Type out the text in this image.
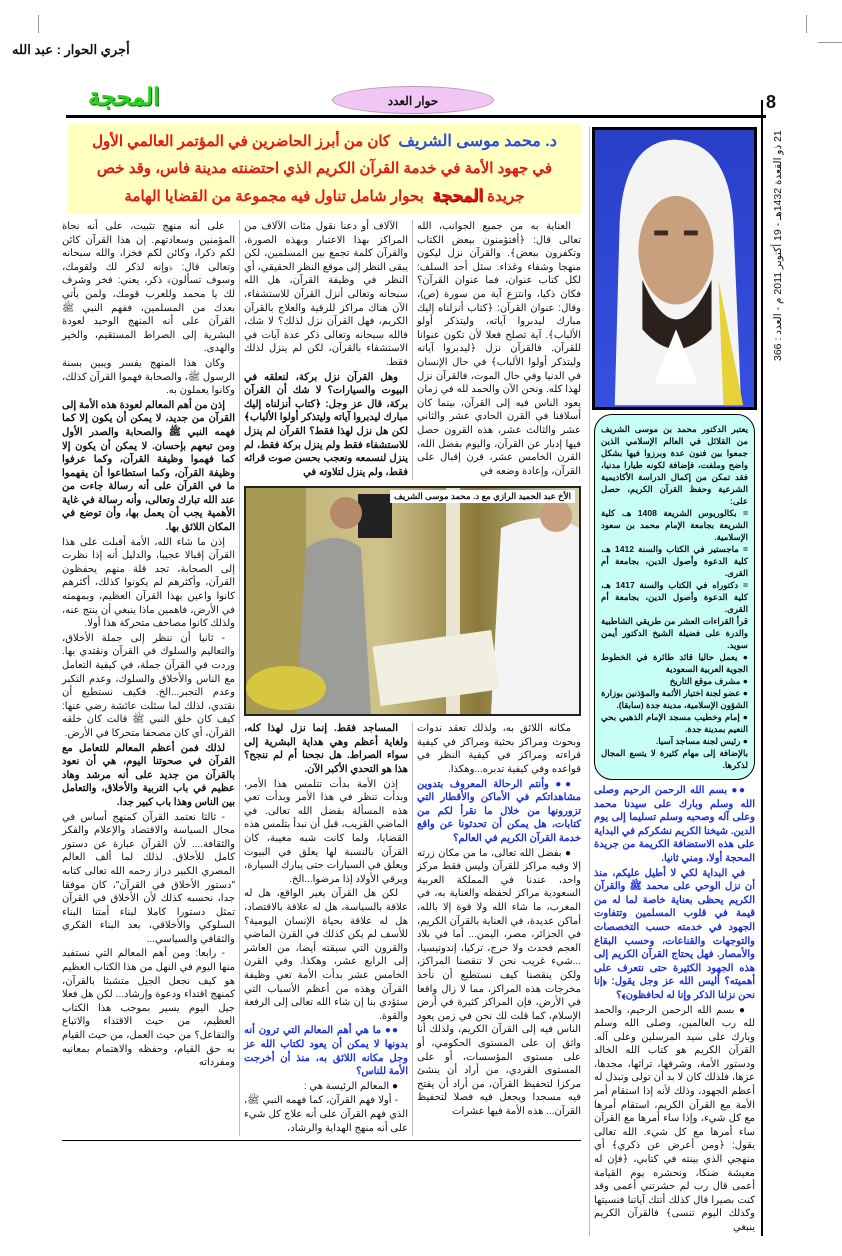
أجري الحوار : عبد الله
المحجة	حوار العدد	8
21 ذو القعدة 1432هـ - 19 أكتوبر 2011 م - العدد : 366
د. محمد موسى الشريف  كان من أبرز الحاضرين في المؤتمر العالمي الأول
في جهود الأمة في خدمة القرآن الكريم الذي احتضنته مدينة فاس، وقد خص
جريدة المحجة  بحوار شامل تناول فيه مجموعة من القضايا الهامة

على أنه منهج تثبيت، على أنه نجاة المؤمنين وسعادتهم. إن هذا القرآن كائن لكم ذكرا، وكائن لكم فخرا، والله سبحانه وتعالى قال: ﴿وإنه لذكر لك ولقومك، وسوف تسألون﴾ ذكر، يعني: فخر وشرف لك يا محمد وللعرب قومك، ولمن يأتي بعدك من المسلمين، ففهم النبي ﷺ القرآن على أنه المنهج الوحيد لعودة البشرية إلى الصراط المستقيم، والخير والهدى.

وكان هذا المنهج يفسر ويبين بسنة الرسول ﷺ، والصحابة فهموا القرآن كذلك، وكانوا يعملون به.

إذن من أهم المعالم لعودة هذه الأمة إلى القرآن من جديد، لا يمكن أن يكون إلا كما فهمه النبي ﷺ والصحابة والصدر الأول ومن تبعهم بإحسان. لا يمكن أن يكون إلا كما فهموا وظيفة القرآن، وكما عرفوا وظيفة القرآن، وكما استطاعوا أن يفهموا ما في القرآن على أنه رسالة جاءت من عند الله تبارك وتعالى، وأنه رسالة في غاية الأهمية يجب أن يعمل بها، وأن توضع في المكان اللائق بها.

إذن ما شاء الله، الأمة أقبلت على هذا القرآن إقبالا عجيبا، والدليل أنه إذا نظرت إلى الصحابة، تجد قلة منهم يحفظون القرآن، وأكثرهم لم يكونوا كذلك، أكثرهم كانوا واعين بهذا القرآن العظيم، وبمهمته في الأرض، فاهمين ماذا ينبغي أن ينتج عنه، ولذلك كانوا مصاحف متحركة هذا أولا.

- ثانيا أن ننظر إلى جملة الأخلاق، والتعاليم والسلوك في القرآن ونقتدي بها. وردت في القرآن جملة، في كيفية التعامل مع الناس والأخلاق والسلوك، وعدم التكبر وعدم التجبر...الخ. فكيف نستطيع أن نقتدي، لذلك لما سئلت عائشة رضي عنها: كيف كان خلق النبي ﷺ قالت كان خلقه القرآن، أي كان مصحفا متحركا في الأرض.

لذلك فمن أعظم المعالم للتعامل مع القرآن في صحوتنا اليوم، هي أن نعود بالقرآن من جديد على أنه مرشد وهاد عظيم في باب التربية والأخلاق، والتعامل بين الناس وهذا باب كبير جدا.

- ثالثا نعتمد القرآن كمنهج أساس في مجال السياسة والاقتصاد والإعلام والفكر والثقافة.... لأن القرآن عبارة عن دستور كامل للأخلاق. لذلك لما ألف العالم المصري الكبير دراز رحمه الله تعالى كتابه "دستور الأخلاق في القرآن"، كان موفقا جدا، نحسبه كذلك لأن الأخلاق في القرآن تمثل دستورا كاملا لبناء أمتنا البناء السلوكي والأخلاقي، بعد البناء الفكري والثقافي والسياسي...

- رابعا: ومن أهم المعالم التي نستفيد منها اليوم في النهل من هذا الكتاب العظيم هو كيف نجعل الجيل متشبثا بالقرآن، كمنهج اقتداء ودعوة وإرشاد... لكن هل فعلا جيل اليوم يسير بموجب هذا الكتاب العظيم، من حيث الاقتداء والاتباع والتفاعل؟ من حيث العمل، من حيث القيام به حق القيام، وحفظه والاهتمام بمعانيه ومفرداته

العناية به من جميع الجوانب، الله تعالى قال: ﴿أفتؤمنون ببعض الكتاب وتكفرون ببعض﴾. والقرآن نزل ليكون منهجا وشفاء وغذاء. سئل أحد السلف: لكل كتاب عنوان، فما عنوان القرآن؟ فكان ذكيا، وانتزع آية من سورة (ص)، وقال: عنوان القرآن: ﴿كتاب أنزلناه إليك مبارك ليدبروا آياته، وليتذكر أولو الألباب﴾. آية تصلح فعلا لأن تكون عنوانا للقرآن. فالقرآن نزل ﴿ليدبروا آياته وليتذكر أولوا الألباب﴾ في حال الإنسان في الدنيا وفي حال الموت، فالقرآن نزل لهذا كله. ونحن الآن والحمد لله في زمان يعود الناس فيه إلى القرآن، بينما كان أسلافنا في القرن الحادي عشر والثاني عشر والثالث عشر، هذه القرون حصل فيها إدبار عن القرآن، واليوم بفضل الله، القرن الخامس عشر، قرن إقبال على القرآن، وإعادة وضعه في

الآلاف أو دعنا نقول مئات الآلاف من المراكز بهذا الاعتبار وبهذه الصورة، والقرآن كلمة تجمع بين المسلمين، لكن يبقى النظر إلى موقع النظر الحقيقي، أي النظر في وظيفة القرآن، هل الله سبحانه وتعالى أنزل القرآن للاستشفاء، الآن هناك مراكز للرقية والعلاج بالقرآن الكريم، فهل القرآن نزل لذلك؟ لا شك، فالله سبحانه وتعالى ذكر عدة آيات في الاستشفاء بالقرآن، لكن لم ينزل لذلك فقط.

وهل القرآن نزل بركة، لنعلقه في البيوت والسيارات؟ لا شك أن القرآن بركة، قال عز وجل: ﴿كتاب أنزلناه إليك مبارك ليدبروا آياته وليتذكر أولوا الألباب﴾ لكن هل نزل لهذا فقط؟ القرآن لم ينزل للاستشفاء فقط ولم ينزل بركة فقط، لم ينزل لنسمعه ونعجب بحسن صوت قرائه فقط، ولم ينزل لتلاوته في

الأخ عبد الحميد الرازي مع د. محمد موسى الشريف

مكانه اللائق به، ولذلك تعقد ندوات وبحوث ومراكز بحثية ومراكز في كيفية قراءته ومراكز في كيفية النظر في قواعده وفي كيفية تدبره...وهكذا.

●● وأنتم الرحالة المعروف بتدوين مشاهداتكم في الأماكن والأقطار التي تزورونها من خلال ما نقرأ لكم من كتابات، هل يمكن أن تحدثونا عن واقع خدمة القرآن الكريم في العالم؟

● بفضل الله تعالى، ما من مكان زرته إلا وفيه مراكز للقرآن وليس فقط مركز واحد، عندنا في المملكة العربية السعودية مراكز لحفظه والعناية به، في المغرب، ما شاء الله ولا قوة إلا بالله، أماكن عديدة، في العناية بالقرآن الكريم، في الجزائر، مصر، اليمن... أما في بلاد العجم فحدث ولا حرج، تركيا، إندونيسيا، ...شيء غريب نحن لا تنقصنا المراكز، ولكن ينقصنا كيف نستطيع أن نأخذ مخرجات هذه المراكز، مما لا زال واقعا في الأرض، فإن المراكز كثيرة في أرض الإسلام، كما قلت لك نحن في زمن يعود الناس فيه إلى القرآن الكريم، ولذلك أنا واثق إن على المستوى الحكومي، أو على مستوى المؤسسات، أو على المستوى الفردي، من أراد أن ينشئ مركزا لتحفيظ القرآن، من أراد أن يفتح فيه مسجدا ويجعل فيه فصلا لتحفيظ القرآن... هذه الأمة فيها عشرات

المساجد فقط. إنما نزل لهذا كله، ولغاية أعظم وهي هداية البشرية إلى سواء الصراط. هل نجحنا أم لم ننجح؟ هذا هو التحدي الأكبر الآن.

إذن الأمة بدأت تتلمس هذا الأمر، وبدأت تنظر في هذا الأمر وبدأت تعي هذه المسألة بفضل الله تعالى. في الماضي القريب، قبل أن نبدأ بتلمس هذه القضايا، ولما كانت شبه مغيبة، كان القرآن بالنسبة لها يعلق في البيوت ويعلق في السيارات حتى يبارك السيارة، ويرقي الأولاد إذا مرضوا...الخ.

لكن هل القرآن يغير الواقع، هل له علاقة بالسياسة، هل له علاقة بالاقتصاد، هل له علاقة بحياة الإنسان اليومية؟ للأسف لم يكن كذلك في القرن الماضي والقرون التي سبقته أيضا، من العاشر إلى الرابع عشر، وهكذا. وفي القرن الخامس عشر بدأت الأمة تعي وظيفة القرآن وهذه من أعظم الأسباب التي ستؤدي بنا إن شاء الله تعالى إلى الرفعة والقوة.

●● ما هي أهم المعالم التي ترون أنه بدونها لا يمكن أن يعود لكتاب الله عز وجل مكانه اللائق به، منذ أن أخرجت الأمة للناس؟

● المعالم الرئيسة هي :

- أولا فهم القرآن، كما فهمه النبي ﷺ، الذي فهم القرآن على أنه علاج كل شيء على أنه منهج الهداية والرشاد،

يعتبر الدكتور محمد بن موسى الشريف من القلائل في العالم الإسلامي الذين جمعوا بين فنون عدة وبرزوا فيها بشكل واضح وملفت، فإضافة لكونه طيارا مدنيا، فقد تمكن من إكمال الدراسة الأكاديمية الشرعية وحفظ القرآن الكريم، حصل على:

= بكالوريوس الشريعة 1408 هـ، كلية الشريعة بجامعة الإمام محمد بن سعود الإسلامية.

= ماجستير في الكتاب والسنة 1412 هـ، كلية الدعوة وأصول الدين، بجامعة أم القرى.

= دكتوراه في الكتاب والسنة 1417 هـ، كلية الدعوة وأصول الدين، بجامعة أم القرى.

قرأ القراءات العشر من طريقي الشاطبية والدرة على فضيلة الشيخ الدكتور أيمن سويد.

● يعمل حاليا قائد طائرة في الخطوط الجوية العربية السعودية

● مشرف موقع التاريخ

● عضو لجنة اختيار الأئمة والمؤذنين بوزارة الشؤون الإسلامية، مدينة جدة (سابقا).

● إمام وخطيب مسجد الإمام الذهبي بحي النعيم بمدينة جدة.

● رئيس لجنة مساجد آسيا.

بالإضافة إلى مهام كثيرة لا يتسع المجال لذكرها.

●● بسم الله الرحمن الرحيم وصلى الله وسلم وبارك على سيدنا محمد وعلى آله وصحبه وسلم تسليما إلى يوم الدين. شيخنا الكريم نشكركم في البداية على هذه الاستضافة الكريمة من جريدة المحجة أولا، ومني ثانيا.

في البداية لكي لا أطيل عليكم، منذ أن نزل الوحي على محمد ﷺ والقرآن الكريم يحظى بعناية خاصة لما له من قيمة في قلوب المسلمين وتتفاوت الجهود في خدمته حسب التخصصات والتوجهات والقناعات، وحسب البقاع والأمصار. فهل يحتاج القرآن الكريم إلى هذه الجهود الكثيرة حتى نتعرف على أهميته؟ أليس الله عز وجل يقول: ﴿إنا نحن نزلنا الذكر وإنا له لحافظون﴾؟

● بسم الله الرحمن الرحيم، والحمد لله رب العالمين، وصلى الله وسلم وبارك على سيد المرسلين وعلى آله. القرآن الكريم هو كتاب الله الخالد ودستور الأمة، وشرفها، تراثها، مجدها، عزها، فلذلك كان لا بد أن تولى وتبذل له أعظم الجهود، وذلك لأنه إذا استقام أمر الأمة مع القرآن الكريم، استقام أمرها مع كل شيء، وإذا ساء أمرها مع القرآن ساء أمرها مع كل شيء. الله تعالى يقول: ﴿ومن أعرض عن ذكري﴾ أي منهجي الذي بينته في كتابي، ﴿فإن له معيشة ضنكا، ونحشره يوم القيامة أعمى قال رب لم حشرتني أعمى وقد كنت بصيرا قال كذلك أتتك آياتنا فنسيتها وكذلك اليوم تنسى﴾ فالقرآن الكريم ينبغي
